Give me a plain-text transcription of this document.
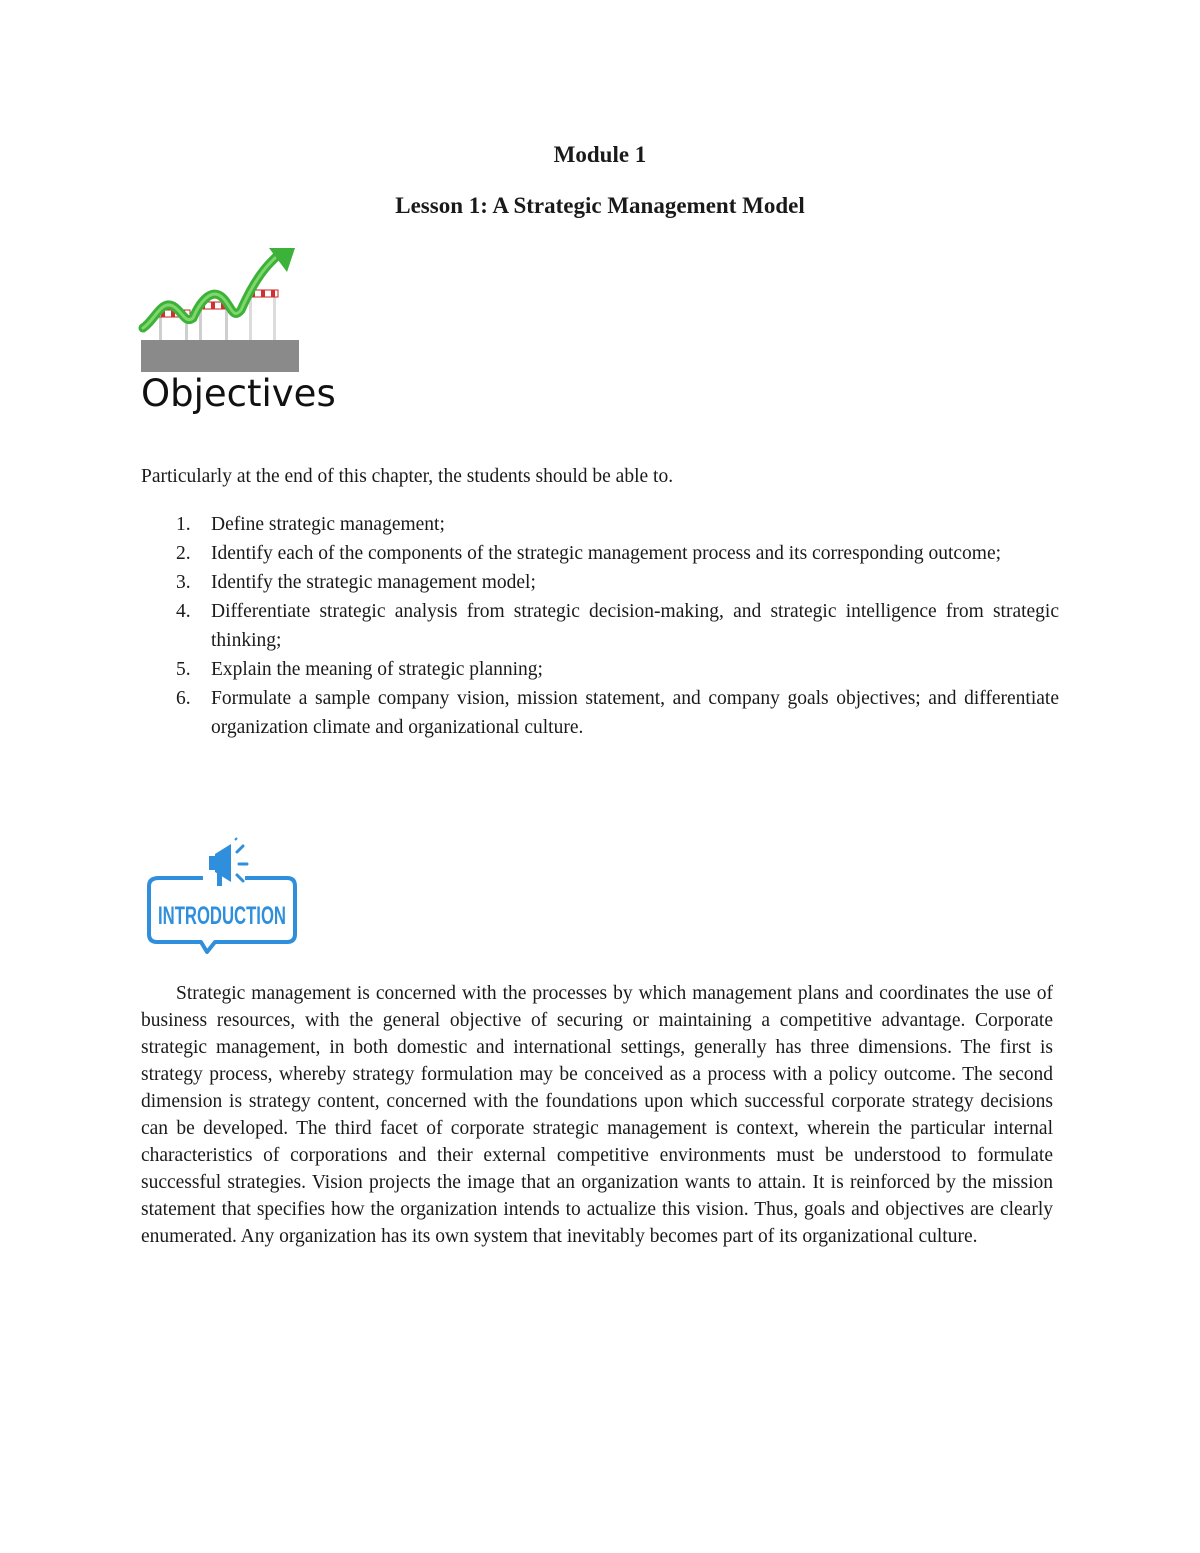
Module 1
Lesson 1: A Strategic Management Model
Objectives

Particularly at the end of this chapter, the students should be able to.

1. Define strategic management;
2. Identify each of the components of the strategic management process and its corresponding outcome;
3. Identify the strategic management model;
4. Differentiate strategic analysis from strategic decision-making, and strategic intelligence from strategic thinking;
5. Explain the meaning of strategic planning;
6. Formulate a sample company vision, mission statement, and company goals objectives; and differentiate organization climate and organizational culture.
INTRODUCTION

Strategic management is concerned with the processes by which management plans and coordinates the use of business resources, with the general objective of securing or maintaining a competitive advantage. Corporate strategic management, in both domestic and international settings, generally has three dimensions. The first is strategy process, whereby strategy formulation may be conceived as a process with a policy outcome. The second dimension is strategy content, concerned with the foundations upon which successful corporate strategy decisions can be developed. The third facet of corporate strategic management is context, wherein the particular internal characteristics of corporations and their external competitive environments must be understood to formulate successful strategies. Vision projects the image that an organization wants to attain. It is reinforced by the mission statement that specifies how the organization intends to actualize this vision. Thus, goals and objectives are clearly enumerated. Any organization has its own system that inevitably becomes part of its organizational culture.
